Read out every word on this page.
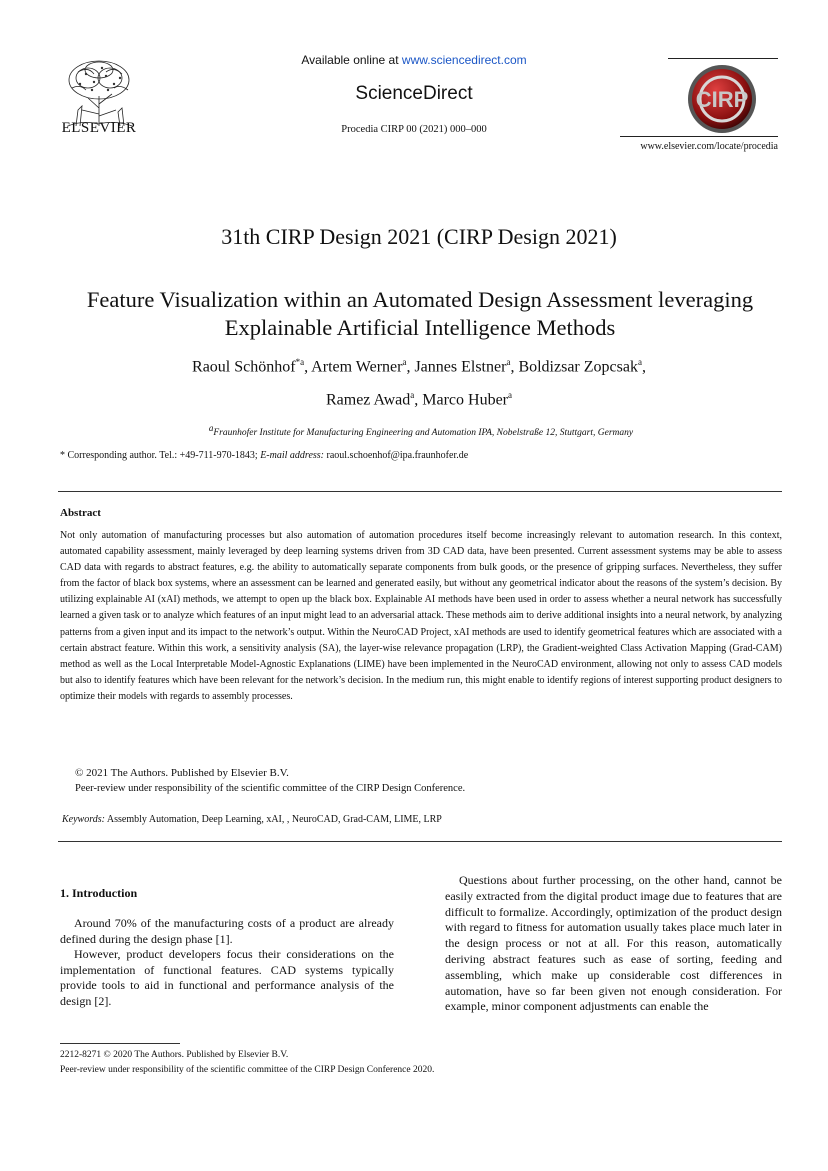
ELSEVIER
Available online at www.sciencedirect.com
ScienceDirect
Procedia CIRP 00 (2021) 000–000
CIRP
www.elsevier.com/locate/procedia
31th CIRP Design 2021 (CIRP Design 2021)
Feature Visualization within an Automated Design Assessment leveraging Explainable Artificial Intelligence Methods
Raoul Schönhof$^{*a}$, Artem Werner$^a$, Jannes Elstner$^a$, Boldizsar Zopcsak$^a$,
Ramez Awad$^a$, Marco Huber$^a$
$^a$Fraunhofer Institute for Manufacturing Engineering and Automation IPA, Nobelstraße 12, Stuttgart, Germany
* Corresponding author. Tel.: +49-711-970-1843; E-mail address: raoul.schoenhof@ipa.fraunhofer.de
Abstract
Not only automation of manufacturing processes but also automation of automation procedures itself become increasingly relevant to automation research. In this context, automated capability assessment, mainly leveraged by deep learning systems driven from 3D CAD data, have been presented. Current assessment systems may be able to assess CAD data with regards to abstract features, e.g. the ability to automatically separate components from bulk goods, or the presence of gripping surfaces. Nevertheless, they suffer from the factor of black box systems, where an assessment can be learned and generated easily, but without any geometrical indicator about the reasons of the system’s decision. By utilizing explainable AI (xAI) methods, we attempt to open up the black box. Explainable AI methods have been used in order to assess whether a neural network has successfully learned a given task or to analyze which features of an input might lead to an adversarial attack. These methods aim to derive additional insights into a neural network, by analyzing patterns from a given input and its impact to the network’s output. Within the NeuroCAD Project, xAI methods are used to identify geometrical features which are associated with a certain abstract feature. Within this work, a sensitivity analysis (SA), the layer-wise relevance propagation (LRP), the Gradient-weighted Class Activation Mapping (Grad-CAM) method as well as the Local Interpretable Model-Agnostic Explanations (LIME) have been implemented in the NeuroCAD environment, allowing not only to assess CAD models but also to identify features which have been relevant for the network’s decision. In the medium run, this might enable to identify regions of interest supporting product designers to optimize their models with regards to assembly processes.
© 2021 The Authors. Published by Elsevier B.V.
Peer-review under responsibility of the scientific committee of the CIRP Design Conference.
Keywords: Assembly Automation, Deep Learning, xAI, , NeuroCAD, Grad-CAM, LIME, LRP
1. Introduction

Around 70% of the manufacturing costs of a product are already defined during the design phase [1].

However, product developers focus their considerations on the implementation of functional features. CAD systems typically provide tools to aid in functional and performance analysis of the design [2].

Questions about further processing, on the other hand, cannot be easily extracted from the digital product image due to features that are difficult to formalize. Accordingly, optimization of the product design with regard to fitness for automation usually takes place much later in the design process or not at all. For this reason, automatically deriving abstract features such as ease of sorting, feeding and assembling, which make up considerable cost differences in automation, have so far been given not enough consideration. For example, minor component adjustments can enable the

2212-8271 © 2020 The Authors. Published by Elsevier B.V.
Peer-review under responsibility of the scientific committee of the CIRP Design Conference 2020.
